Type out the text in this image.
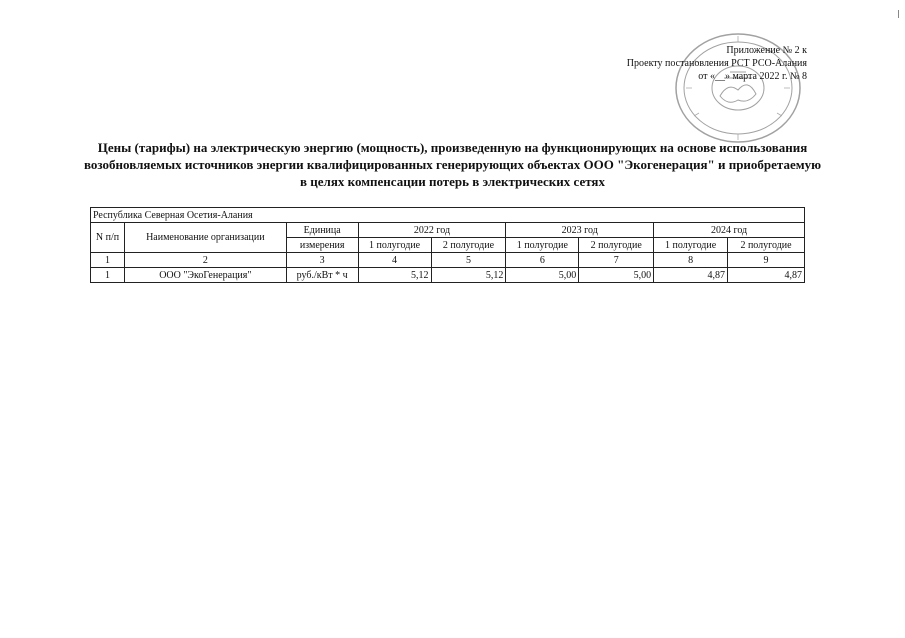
Приложение № 2 к
Проекту постановления РСТ РСО-Алания
от «__» марта 2022 г. № 8
Цены (тарифы) на электрическую энергию (мощность), произведенную на функционирующих на основе использования возобновляемых источников энергии квалифицированных генерирующих объектах ООО "Экогенерация" и приобретаемую в целях компенсации потерь в электрических сетях
Республика Северная Осетия-Алания								
N п/п	Наименование организации	Единица	2022 год		2023 год		2024 год	
		измерения	1 полугодие	2 полугодие	1 полугодие	2 полугодие	1 полугодие	2 полугодие
1	2	3	4	5	6	7	8	9
1	ООО "ЭкоГенерация"	руб./кВт * ч	5,12	5,12	5,00	5,00	4,87	4,87
